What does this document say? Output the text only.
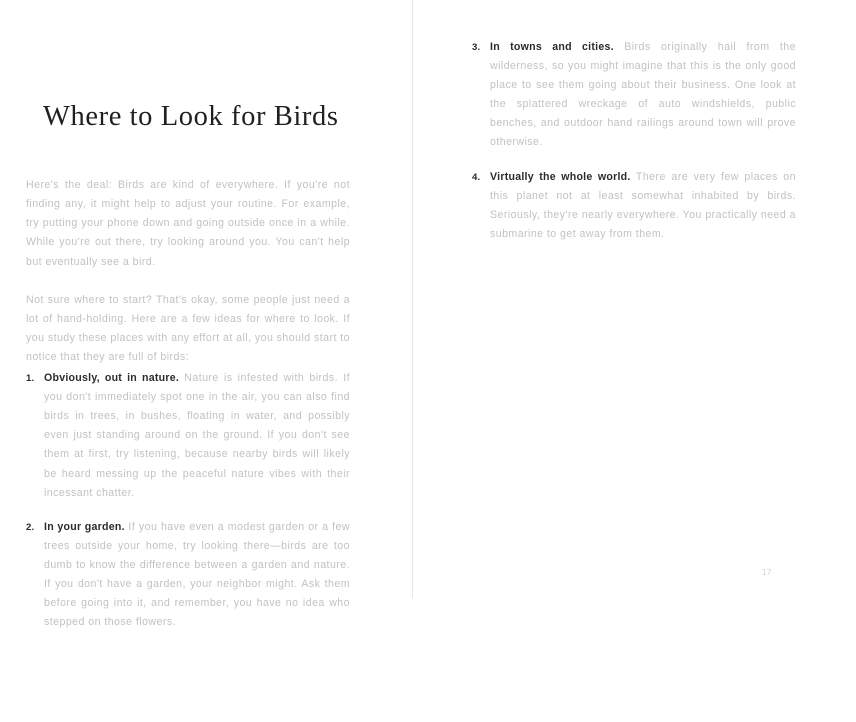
Where to Look for Birds

Here's the deal: Birds are kind of everywhere. If you're not finding any, it might help to adjust your routine. For example, try putting your phone down and going outside once in a while. While you're out there, try looking around you. You can't help but eventually see a bird.

Not sure where to start? That's okay, some people just need a lot of hand-holding. Here are a few ideas for where to look. If you study these places with any effort at all, you should start to notice that they are full of birds:

1. Obviously, out in nature. Nature is infested with birds. If you don't immediately spot one in the air, you can also find birds in trees, in bushes, floating in water, and possibly even just standing around on the ground. If you don't see them at first, try listening, because nearby birds will likely be heard messing up the peaceful nature vibes with their incessant chatter.
2. In your garden. If you have even a modest garden or a few trees outside your home, try looking there—birds are too dumb to know the difference between a garden and nature. If you don't have a garden, your neighbor might. Ask them before going into it, and remember, you have no idea who stepped on those flowers.
3. In towns and cities. Birds originally hail from the wilderness, so you might imagine that this is the only good place to see them going about their business. One look at the splattered wreckage of auto windshields, public benches, and outdoor hand railings around town will prove otherwise.
4. Virtually the whole world. There are very few places on this planet not at least somewhat inhabited by birds. Seriously, they're nearly everywhere. You practically need a submarine to get away from them.
17
